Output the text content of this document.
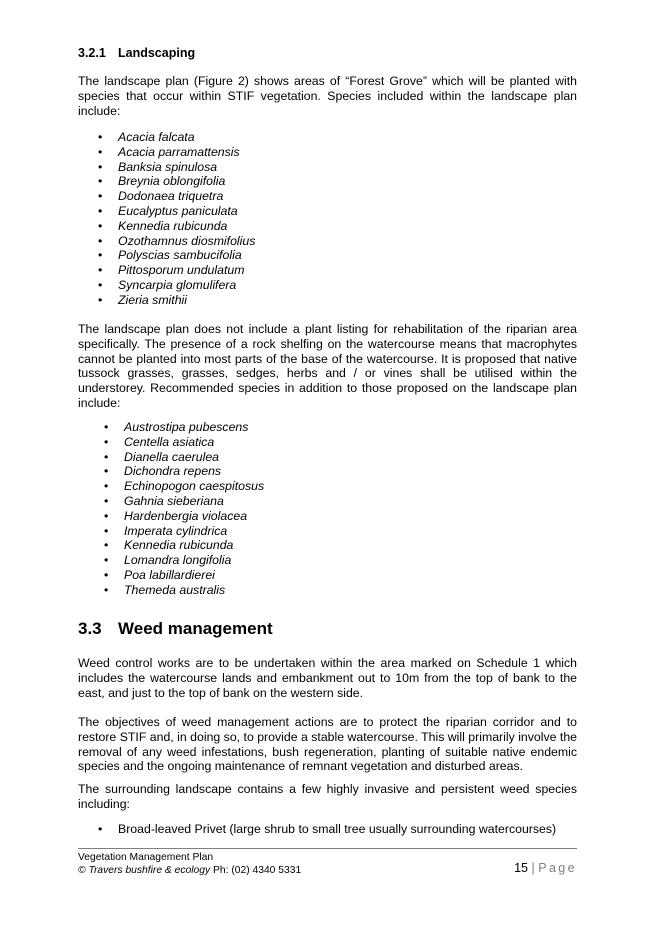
3.2.1 Landscaping

The landscape plan (Figure 2) shows areas of “Forest Grove” which will be planted with species that occur within STIF vegetation. Species included within the landscape plan include:

• Acacia falcata
• Acacia parramattensis
• Banksia spinulosa
• Breynia oblongifolia
• Dodonaea triquetra
• Eucalyptus paniculata
• Kennedia rubicunda
• Ozothamnus diosmifolius
• Polyscias sambucifolia
• Pittosporum undulatum
• Syncarpia glomulifera
• Zieria smithii

The landscape plan does not include a plant listing for rehabilitation of the riparian area specifically. The presence of a rock shelfing on the watercourse means that macrophytes cannot be planted into most parts of the base of the watercourse. It is proposed that native tussock grasses, grasses, sedges, herbs and / or vines shall be utilised within the understorey. Recommended species in addition to those proposed on the landscape plan include:

• Austrostipa pubescens
• Centella asiatica
• Dianella caerulea
• Dichondra repens
• Echinopogon caespitosus
• Gahnia sieberiana
• Hardenbergia violacea
• Imperata cylindrica
• Kennedia rubicunda
• Lomandra longifolia
• Poa labillardierei
• Themeda australis
3.3 Weed management

Weed control works are to be undertaken within the area marked on Schedule 1 which includes the watercourse lands and embankment out to 10m from the top of bank to the east, and just to the top of bank on the western side.

The objectives of weed management actions are to protect the riparian corridor and to restore STIF and, in doing so, to provide a stable watercourse. This will primarily involve the removal of any weed infestations, bush regeneration, planting of suitable native endemic species and the ongoing maintenance of remnant vegetation and disturbed areas.

The surrounding landscape contains a few highly invasive and persistent weed species including:

• Broad-leaved Privet (large shrub to small tree usually surrounding watercourses)
Vegetation Management Plan
© Travers bushfire & ecology Ph: (02) 4340 5331	15 | Page
